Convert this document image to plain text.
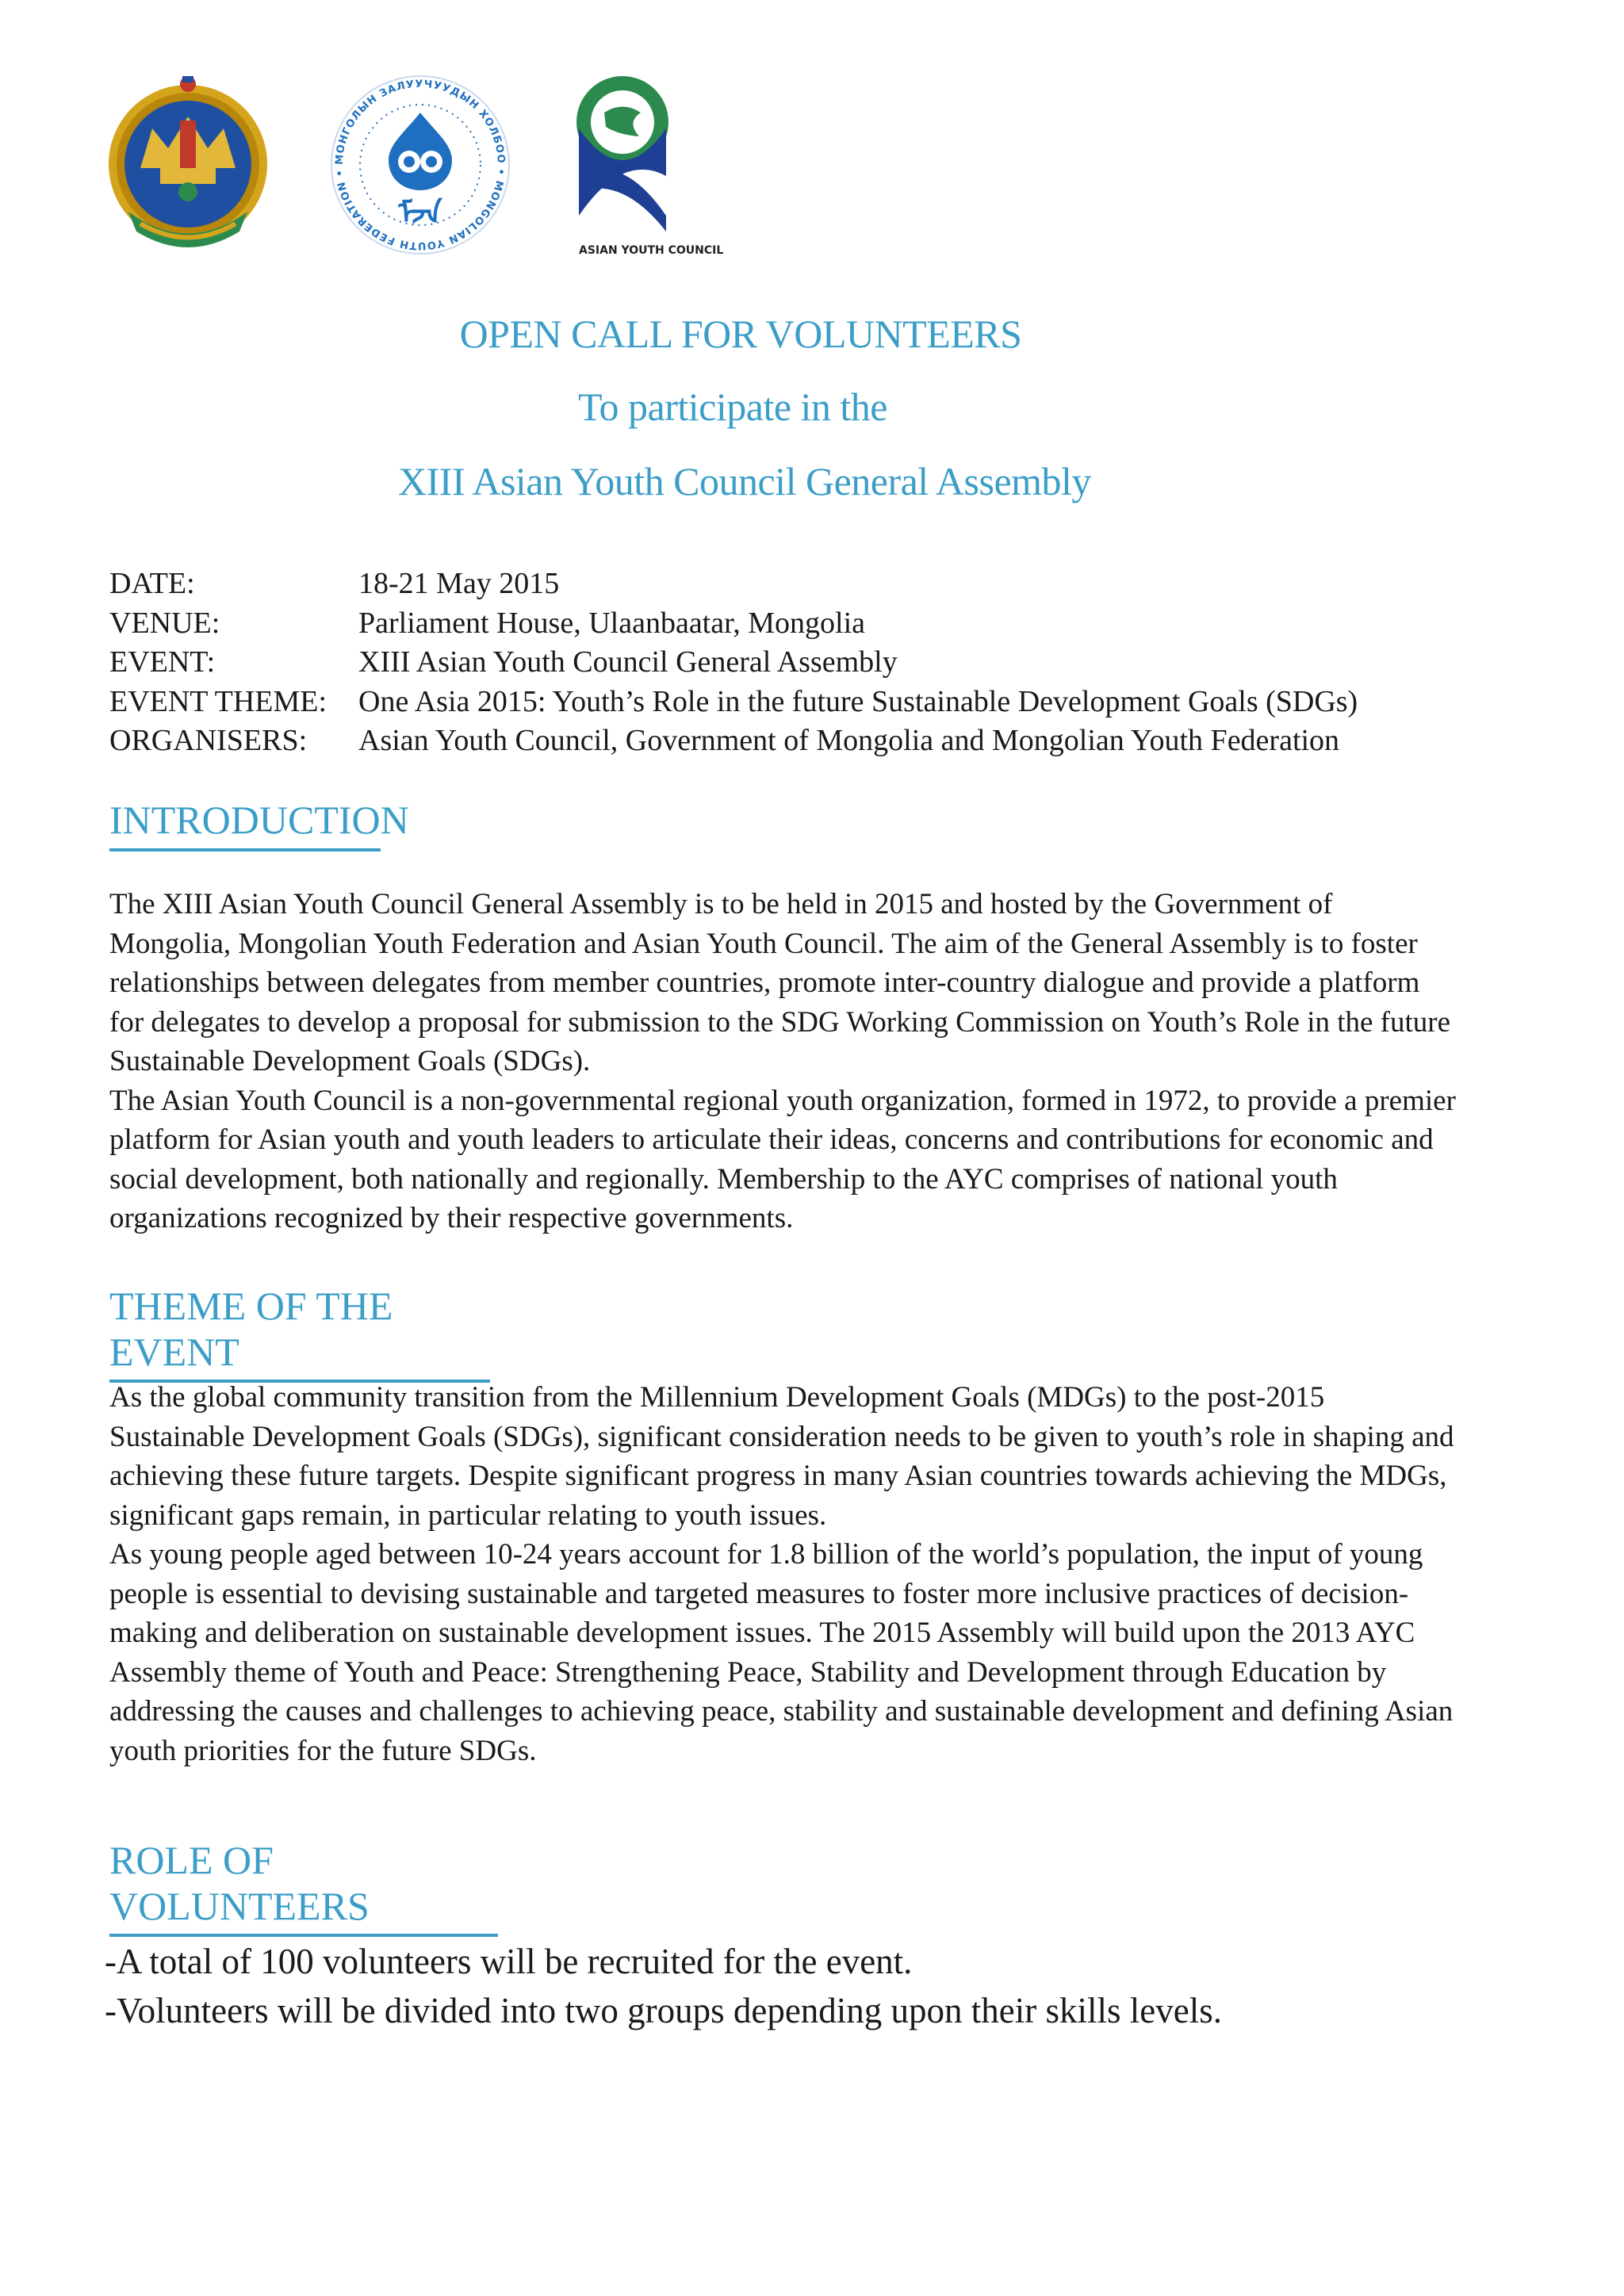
ᠮᠵᠨ
МОНГОЛЫН ЗАЛУУЧУУДЫН ХОЛБОО • MONGOLIAN YOUTH FEDERATION •
ASIAN YOUTH COUNCIL
OPEN CALL FOR VOLUNTEERS
To participate in the
XIII Asian Youth Council General Assembly
DATE:	18-21 May 2015
VENUE:	Parliament House, Ulaanbaatar, Mongolia
EVENT:	XIII Asian Youth Council General Assembly
EVENT THEME:	One Asia 2015: Youth’s Role in the future Sustainable Development Goals (SDGs)
ORGANISERS:	Asian Youth Council, Government of Mongolia and Mongolian Youth Federation
INTRODUCTION

The XIII Asian Youth Council General Assembly is to be held in 2015 and hosted by the Government of Mongolia, Mongolian Youth Federation and Asian Youth Council. The aim of the General Assembly is to foster relationships between delegates from member countries, promote inter-country dialogue and provide a platform for delegates to develop a proposal for submission to the SDG Working Commission on Youth’s Role in the future Sustainable Development Goals (SDGs).

The Asian Youth Council is a non-governmental regional youth organization, formed in 1972, to provide a premier platform for Asian youth and youth leaders to articulate their ideas, concerns and contributions for economic and social development, both nationally and regionally. Membership to the AYC comprises of national youth organizations recognized by their respective governments.

THEME OF THE EVENT

As the global community transition from the Millennium Development Goals (MDGs) to the post-2015 Sustainable Development Goals (SDGs), significant consideration needs to be given to youth’s role in shaping and achieving these future targets. Despite significant progress in many Asian countries towards achieving the MDGs, significant gaps remain, in particular relating to youth issues.

As young people aged between 10-24 years account for 1.8 billion of the world’s population, the input of young people is essential to devising sustainable and targeted measures to foster more inclusive practices of decision-making and deliberation on sustainable development issues. The 2015 Assembly will build upon the 2013 AYC Assembly theme of Youth and Peace: Strengthening Peace, Stability and Development through Education by addressing the causes and challenges to achieving peace, stability and sustainable development and defining Asian youth priorities for the future SDGs.

ROLE OF VOLUNTEERS
-A total of 100 volunteers will be recruited for the event.
-Volunteers will be divided into two groups depending upon their skills levels.
